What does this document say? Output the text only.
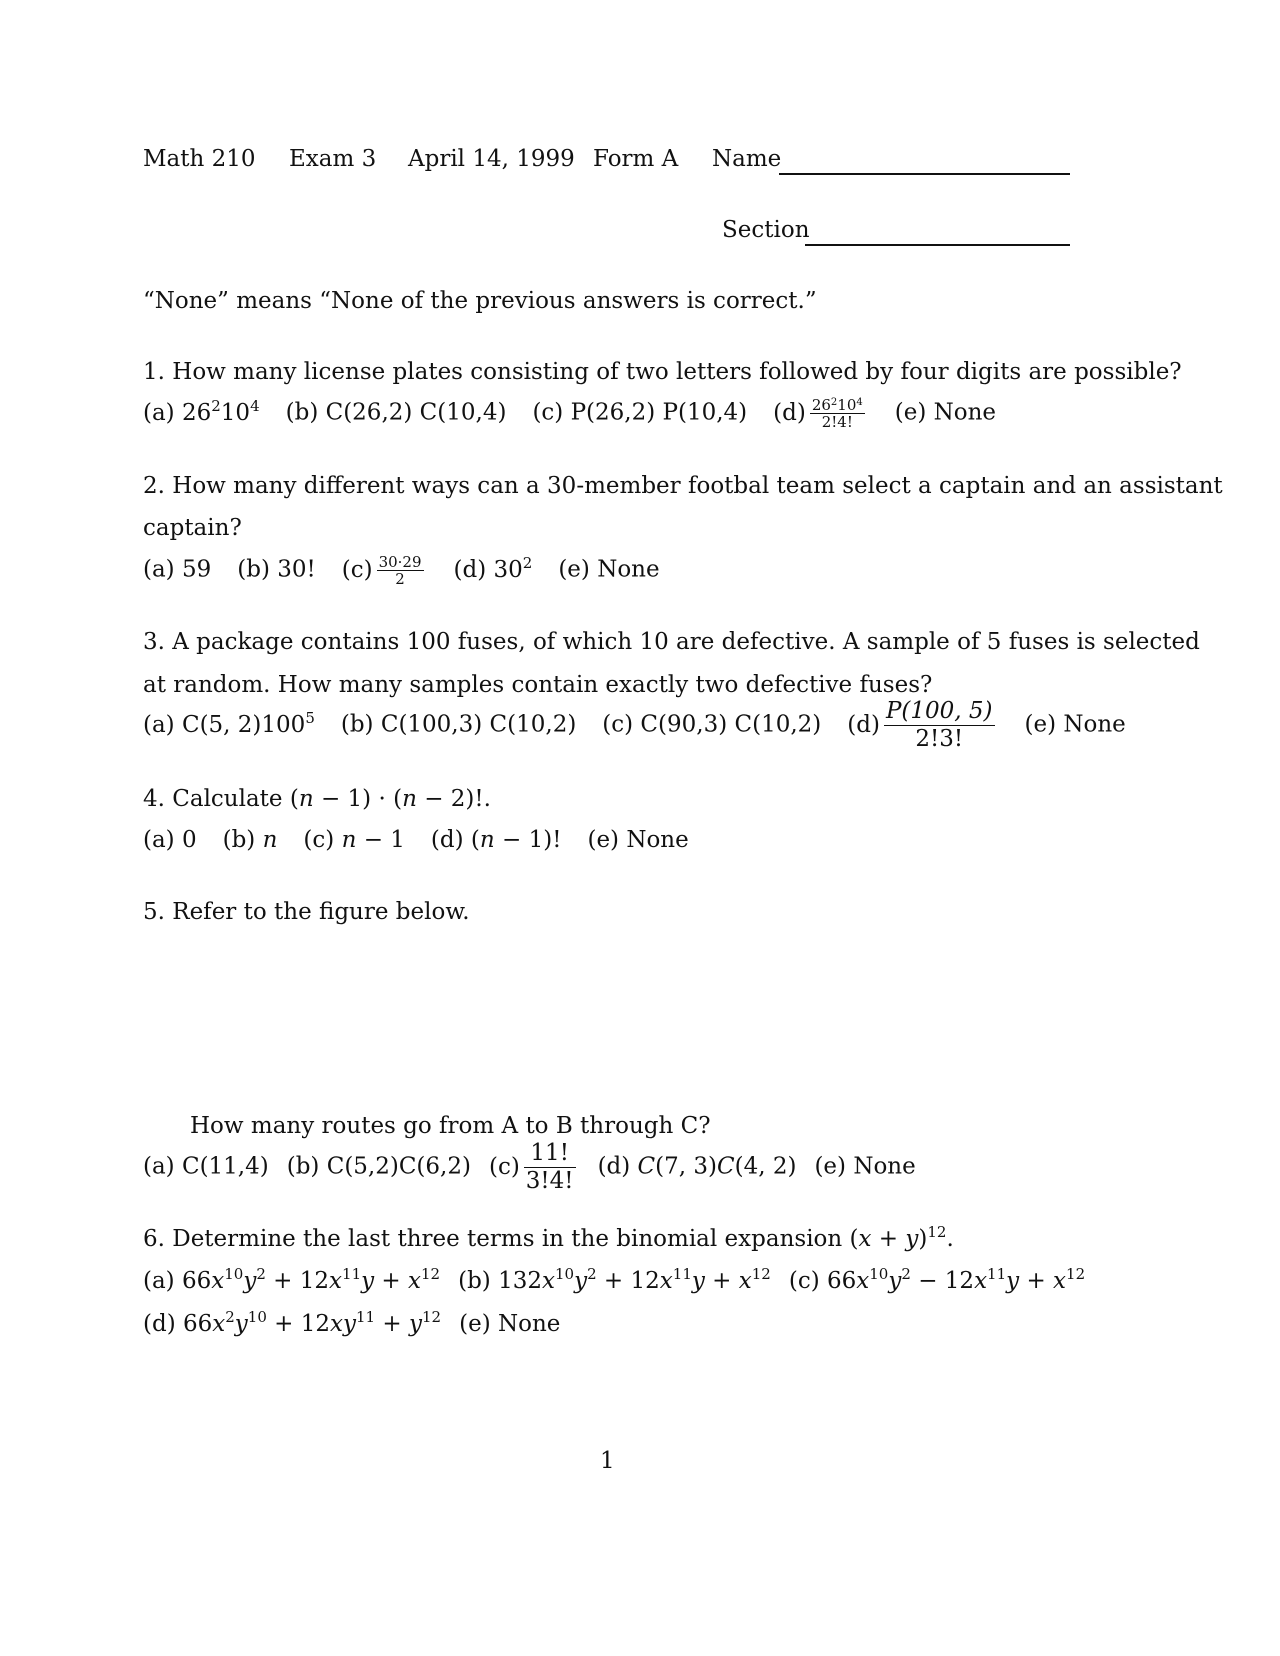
Math 210 Exam 3 April 14, 1999 Form A Name
Section
“None” means “None of the previous answers is correct.”
1. How many license plates consisting of two letters followed by four digits are possible?
(a) $26^210^4$ (b) C(26,2) C(10,4) (c) P(26,2) P(10,4) $(d) \frac{26^210^4}{2!4!} (e)$ None
2. How many different ways can a 30-member footbal team select a captain and an assistant
captain?
(a) 59 (b) 30! $(c) \frac{30\cdot 29}{2} (d)$ $30^2$ (e) None
3. A package contains 100 fuses, of which 10 are defective. A sample of 5 fuses is selected
at random. How many samples contain exactly two defective fuses?
(a) C(5, $2)100^5$ (b) C(100,3) C(10,2) (c) C(90,3) C(10,2) $(d) \frac{P(100, 5)}{2!3!} (e)$ None
4. Calculate (n − 1) · (n − 2)!.
(a) 0 (b) n (c) n − 1 (d) (n − 1)! (e) None
5. Refer to the figure below.
How many routes go from A to B through C?
(a) C(11,4) (b) C(5,2)C(6,2) $(c) \frac{11!}{3!4!} (d)$ C(7, 3)C(4, 2) (e) None
6. Determine the last three terms in the binomial expansion $(x + y)^{12}$.
(a) $66x^{10}y^2 + 12x^{11}y + x^{12}$ (b) $132x^{10}y^2 + 12x^{11}y + x^{12}$ (c) $66x^{10}y^2 - 12x^{11}y + x^{12}$
(d) $66x^2y^{10} + 12xy^{11} + y^{12}$ (e) None
1
